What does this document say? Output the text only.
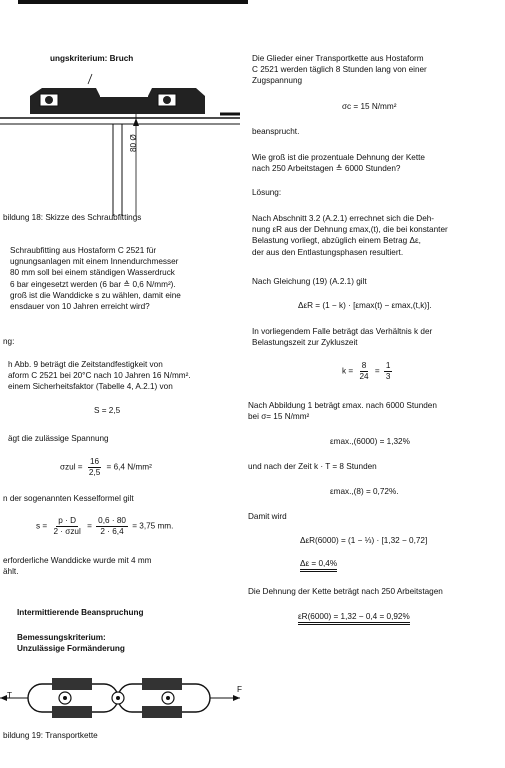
ungskriterium: Bruch
80 Ø
bildung 18: Skizze des Schraubfittings
Schraubfitting aus Hostaform C 2521 für
ugnungsanlagen mit einem Innendurchmesser
80 mm soll bei einem ständigen Wasserdruck
6 bar eingesetzt werden (6 bar ≙ 0,6 N/mm²).
groß ist die Wanddicke s zu wählen, damit eine
ensdauer von 10 Jahren erreicht wird?
ng:
h Abb. 9 beträgt die Zeitstandfestigkeit von
aform C 2521 bei 20°C nach 10 Jahren 16 N/mm².
einem Sicherheitsfaktor (Tabelle 4, A.2.1) von
S = 2,5
ägt die zulässige Spannung
$\sigma zul = \frac{16}{2,5} = 6,4$ N/mm²
n der sogenannten Kesselformel gilt
$s = \frac{p \cdot D}{\text{2 · σzul}} = \frac{0,6 \cdot 80}{2 \cdot 6,4} = 3,75$ mm.
erforderliche Wanddicke wurde mit 4 mm
ählt.
Intermittierende Beanspruchung
Bemessungskriterium:
Unzulässige Formänderung
T
F
bildung 19: Transportkette
Die Glieder einer Transportkette aus Hostaform
C 2521 werden täglich 8 Stunden lang von einer
Zugspannung
σc = 15 N/mm²
beansprucht.
Wie groß ist die prozentuale Dehnung der Kette
nach 250 Arbeitstagen ≙ 6000 Stunden?
Lösung:
Nach Abschnitt 3.2 (A.2.1) errechnet sich die Deh-
nung εR aus der Dehnung εmax,(t), die bei konstanter
Belastung vorliegt, abzüglich einem Betrag Δε,
der aus den Entlastungsphasen resultiert.
Nach Gleichung (19) (A.2.1) gilt
ΔεR = (1 − k) · [εmax(t) − εmax,(t,k)].
In vorliegendem Falle beträgt das Verhältnis k der
Belastungszeit zur Zykluszeit
$k = \frac{8}{24} = \frac{1}{3}$
Nach Abbildung 1 beträgt εmax. nach 6000 Stunden
bei σ= 15 N/mm²
εmax.,(6000) = 1,32%
und nach der Zeit k · T = 8 Stunden
εmax.,(8) = 0,72%.
Damit wird
ΔεR(6000) = (1 − ⅓) · [1,32 − 0,72]
Δε = 0,4%
Die Dehnung der Kette beträgt nach 250 Arbeitstagen
εR(6000) = 1,32 − 0,4 = 0,92%
